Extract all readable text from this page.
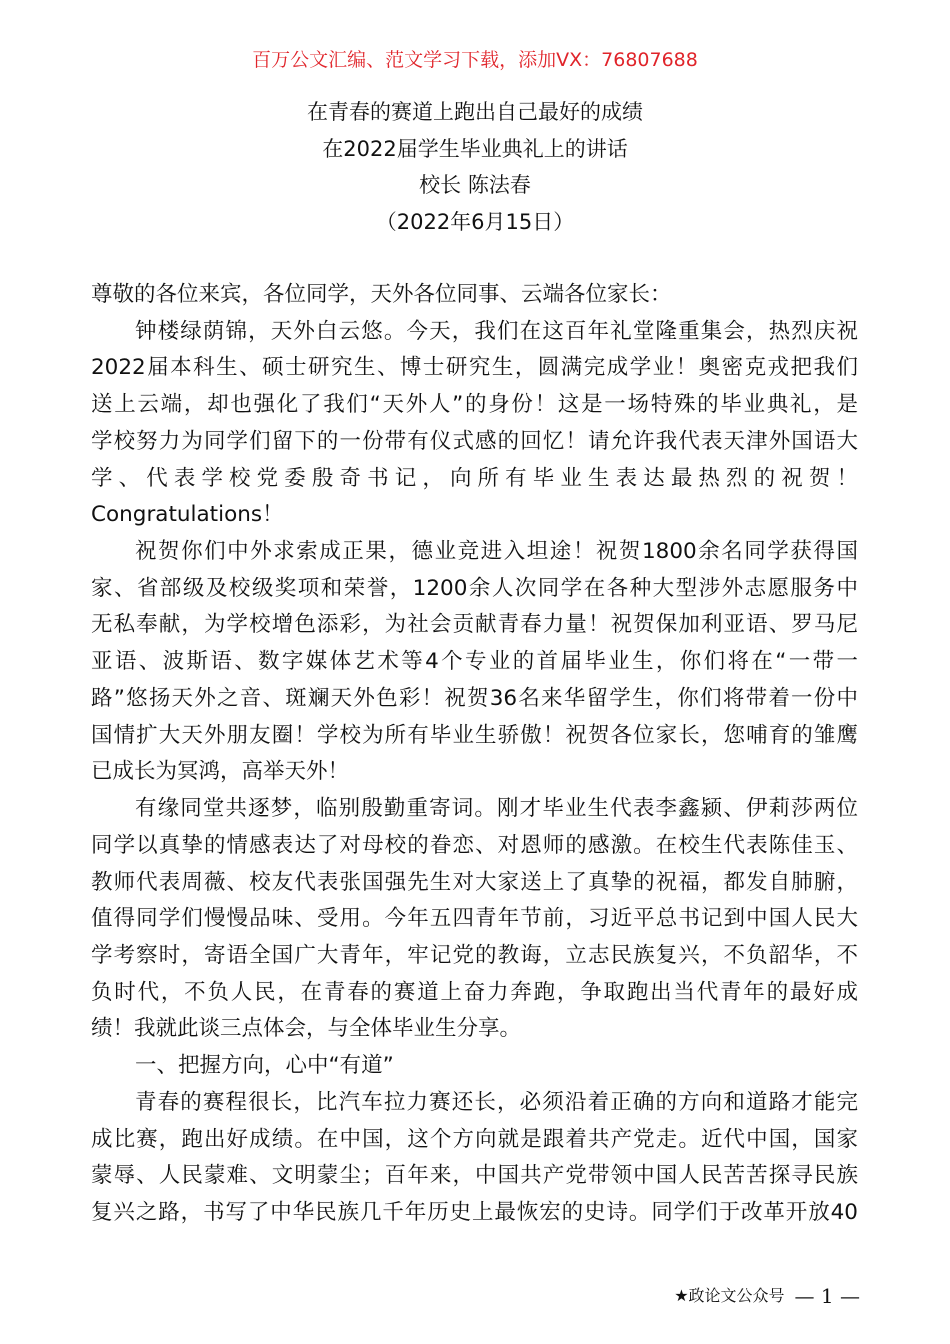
百万公文汇编、范文学习下载，添加VX：76807688
在青春的赛道上跑出自己最好的成绩
在2022届学生毕业典礼上的讲话
校长 陈法春
（2022年6月15日）
尊敬的各位来宾，各位同学，天外各位同事、云端各位家长：
钟楼绿荫锦，天外白云悠。今天，我们在这百年礼堂隆重集会，热烈庆祝
2022届本科生、硕士研究生、博士研究生，圆满完成学业！奥密克戎把我们
送上云端，却也强化了我们“天外人”的身份！这是一场特殊的毕业典礼，是
学校努力为同学们留下的一份带有仪式感的回忆！请允许我代表天津外国语大
学、代表学校党委殷奇书记，向所有毕业生表达最热烈的祝贺！
Congratulations！
祝贺你们中外求索成正果，德业竞进入坦途！祝贺1800余名同学获得国
家、省部级及校级奖项和荣誉，1200余人次同学在各种大型涉外志愿服务中
无私奉献，为学校增色添彩，为社会贡献青春力量！祝贺保加利亚语、罗马尼
亚语、波斯语、数字媒体艺术等4个专业的首届毕业生，你们将在“一带一
路”悠扬天外之音、斑斓天外色彩！祝贺36名来华留学生，你们将带着一份中
国情扩大天外朋友圈！学校为所有毕业生骄傲！祝贺各位家长，您哺育的雏鹰
已成长为冥鸿，高举天外！
有缘同堂共逐梦，临别殷勤重寄词。刚才毕业生代表李鑫颍、伊莉莎两位
同学以真挚的情感表达了对母校的眷恋、对恩师的感激。在校生代表陈佳玉、
教师代表周薇、校友代表张国强先生对大家送上了真挚的祝福，都发自肺腑，
值得同学们慢慢品味、受用。今年五四青年节前，习近平总书记到中国人民大
学考察时，寄语全国广大青年，牢记党的教诲，立志民族复兴，不负韶华，不
负时代，不负人民，在青春的赛道上奋力奔跑，争取跑出当代青年的最好成
绩！我就此谈三点体会，与全体毕业生分享。
一、把握方向，心中“有道”
青春的赛程很长，比汽车拉力赛还长，必须沿着正确的方向和道路才能完
成比赛，跑出好成绩。在中国，这个方向就是跟着共产党走。近代中国，国家
蒙辱、人民蒙难、文明蒙尘；百年来，中国共产党带领中国人民苦苦探寻民族
复兴之路，书写了中华民族几千年历史上最恢宏的史诗。同学们于改革开放40
★政论文公众号 — 1 —
